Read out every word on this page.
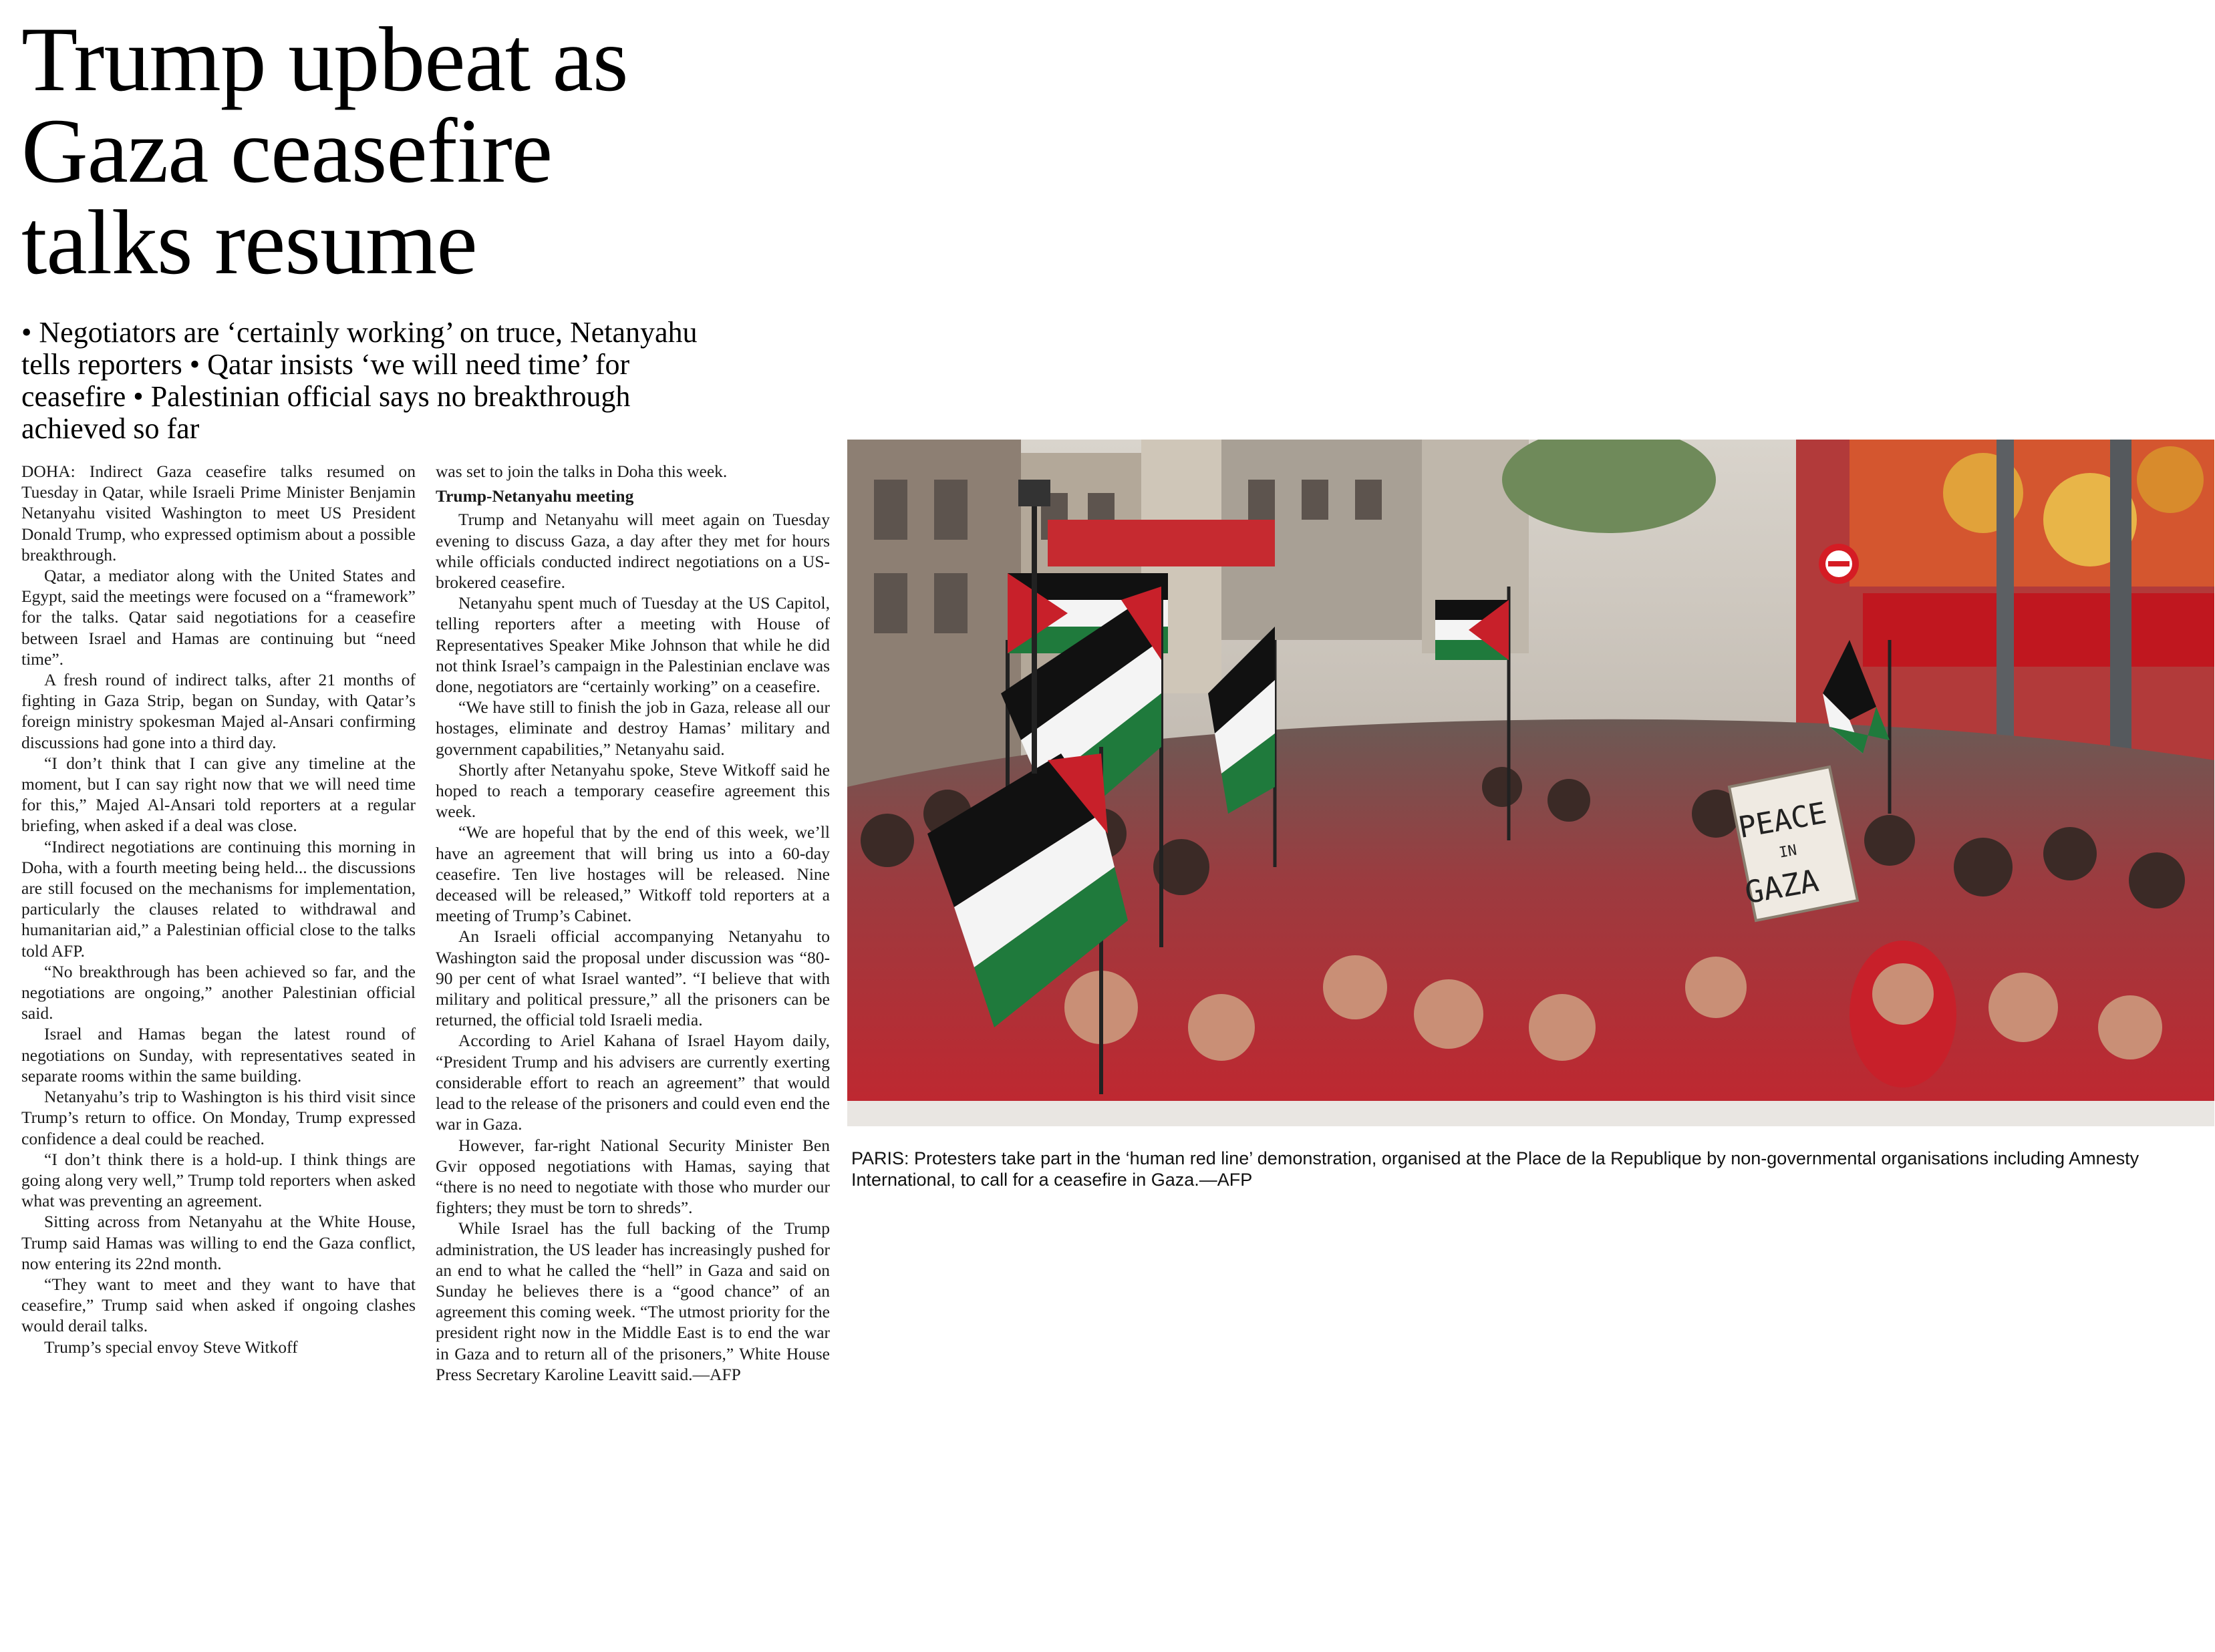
Trump upbeat as
Gaza ceasefire
talks resume
• Negotiators are ‘certainly working’ on truce, Netanyahu
tells reporters • Qatar insists ‘we will need time’ for
ceasefire • Palestinian official says no breakthrough
achieved so far

DOHA: Indirect Gaza ceasefire talks resumed on Tuesday in Qatar, while Israeli Prime Minister Benjamin Netanyahu visited Washington to meet US President Donald Trump, who expressed optimism about a possible breakthrough.

Qatar, a mediator along with the United States and Egypt, said the meetings were focused on a “framework” for the talks. Qatar said negotiations for a ceasefire between Israel and Hamas are continuing but “need time”.

A fresh round of indirect talks, after 21 months of fighting in Gaza Strip, began on Sunday, with Qatar’s foreign ministry spokesman Majed al-Ansari confirming discussions had gone into a third day.

“I don’t think that I can give any timeline at the moment, but I can say right now that we will need time for this,” Majed Al-Ansari told reporters at a regular briefing, when asked if a deal was close.

“Indirect negotiations are continuing this morning in Doha, with a fourth meeting being held... the discussions are still focused on the mechanisms for implementation, particularly the clauses related to withdrawal and humanitarian aid,” a Palestinian official close to the talks told AFP.

“No breakthrough has been achieved so far, and the negotiations are ongoing,” another Palestinian official said.

Israel and Hamas began the latest round of negotiations on Sunday, with representatives seated in separate rooms within the same building.

Netanyahu’s trip to Washington is his third visit since Trump’s return to office. On Monday, Trump expressed confidence a deal could be reached.

“I don’t think there is a hold-up. I think things are going along very well,” Trump told reporters when asked what was preventing an agreement.

Sitting across from Netanyahu at the White House, Trump said Hamas was willing to end the Gaza conflict, now entering its 22nd month.

“They want to meet and they want to have that ceasefire,” Trump said when asked if ongoing clashes would derail talks.

Trump’s special envoy Steve Witkoff

was set to join the talks in Doha this week.

Trump-Netanyahu meeting

Trump and Netanyahu will meet again on Tuesday evening to discuss Gaza, a day after they met for hours while officials conducted indirect negotiations on a US-brokered ceasefire.

Netanyahu spent much of Tuesday at the US Capitol, telling reporters after a meeting with House of Representatives Speaker Mike Johnson that while he did not think Israel’s campaign in the Palestinian enclave was done, negotiators are “certainly working” on a ceasefire.

“We have still to finish the job in Gaza, release all our hostages, eliminate and destroy Hamas’ military and government capabilities,” Netanyahu said.

Shortly after Netanyahu spoke, Steve Witkoff said he hoped to reach a temporary ceasefire agreement this week.

“We are hopeful that by the end of this week, we’ll have an agreement that will bring us into a 60-day ceasefire. Ten live hostages will be released. Nine deceased will be released,” Witkoff told reporters at a meeting of Trump’s Cabinet.

An Israeli official accompanying Netanyahu to Washington said the proposal under discussion was “80-90 per cent of what Israel wanted”. “I believe that with military and political pressure,” all the prisoners can be returned, the official told Israeli media.

According to Ariel Kahana of Israel Hayom daily, “President Trump and his advisers are currently exerting considerable effort to reach an agreement” that would lead to the release of the prisoners and could even end the war in Gaza.

However, far-right National Security Minister Ben Gvir opposed negotiations with Hamas, saying that “there is no need to negotiate with those who murder our fighters; they must be torn to shreds”.

While Israel has the full backing of the Trump administration, the US leader has increasingly pushed for an end to what he called the “hell” in Gaza and said on Sunday he believes there is a “good chance” of an agreement this coming week. “The utmost priority for the president right now in the Middle East is to end the war in Gaza and to return all of the prisoners,” White House Press Secretary Karoline Leavitt said.—AFP

PEACE
IN
GAZA
PARIS: Protesters take part in the ‘human red line’ demonstration, organised at the Place de la Republique by non-governmental organisations including Amnesty International, to call for a ceasefire in Gaza.—AFP
